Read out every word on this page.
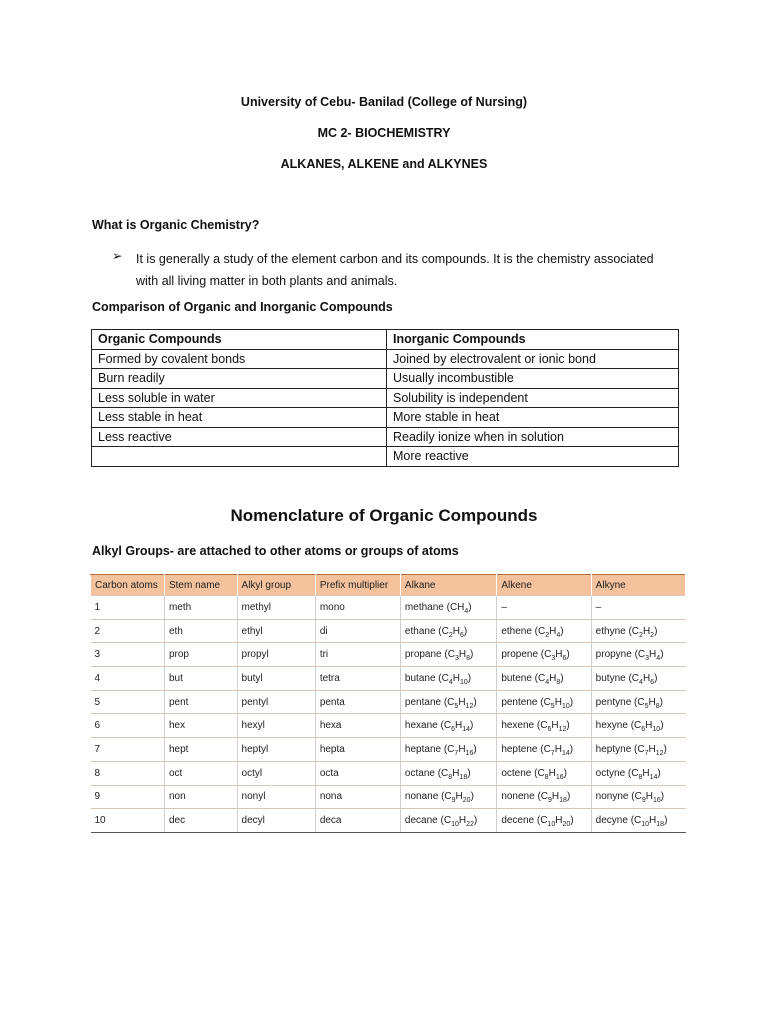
University of Cebu- Banilad (College of Nursing)
MC 2- BIOCHEMISTRY
ALKANES, ALKENE and ALKYNES
What is Organic Chemistry?
➢ It is generally a study of the element carbon and its compounds. It is the chemistry associated with all living matter in both plants and animals.
Comparison of Organic and Inorganic Compounds
Organic Compounds	Inorganic Compounds
Formed by covalent bonds	Joined by electrovalent or ionic bond
Burn readily	Usually incombustible
Less soluble in water	Solubility is independent
Less stable in heat	More stable in heat
Less reactive	Readily ionize when in solution
	More reactive
Nomenclature of Organic Compounds
Alkyl Groups- are attached to other atoms or groups of atoms
Carbon atoms	Stem name	Alkyl group	Prefix multiplier	Alkane	Alkene	Alkyne
1	meth	methyl	mono	methane $(CH_4)$	–	–
2	eth	ethyl	di	ethane $(C_2H_6)$	ethene $(C_2H_4)$	ethyne $(C_2H_2)$
3	prop	propyl	tri	propane $(C_3H_8)$	propene $(C_3H_6)$	propyne $(C_3H_4)$
4	but	butyl	tetra	butane $(C_4H_{10})$	butene $(C_4H_8)$	butyne $(C_4H_6)$
5	pent	pentyl	penta	pentane $(C_5H_{12})$	pentene $(C_5H_{10})$	pentyne $(C_5H_8)$
6	hex	hexyl	hexa	hexane $(C_6H_{14})$	hexene $(C_6H_{12})$	hexyne $(C_6H_{10})$
7	hept	heptyl	hepta	heptane $(C_7H_{16})$	heptene $(C_7H_{14})$	heptyne $(C_7H_{12})$
8	oct	octyl	octa	octane $(C_8H_{18})$	octene $(C_8H_{16})$	octyne $(C_8H_{14})$
9	non	nonyl	nona	nonane $(C_9H_{20})$	nonene $(C_9H_{18})$	nonyne $(C_9H_{16})$
10	dec	decyl	deca	decane $(C_{10}H_{22})$	decene $(C_{10}H_{20})$	decyne $(C_{10}H_{18})$
